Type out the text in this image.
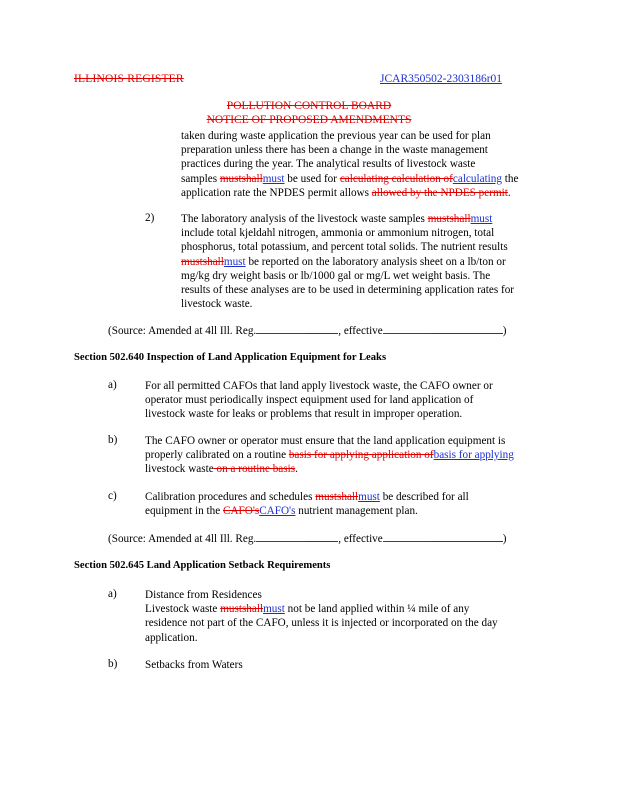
ILLINOIS REGISTER	JCAR350502-2303186r01
POLLUTION CONTROL BOARD
NOTICE OF PROPOSED AMENDMENTS
taken during waste application the previous year can be used for plan
preparation unless there has been a change in the waste management
practices during the year. The analytical results of livestock waste
samples mustshallmust be used for calculating calculation ofcalculating the
application rate the NPDES permit allows allowed by the NPDES permit.
2) The laboratory analysis of the livestock waste samples mustshallmust
include total kjeldahl nitrogen, ammonia or ammonium nitrogen, total
phosphorus, total potassium, and percent total solids. The nutrient results
mustshallmust be reported on the laboratory analysis sheet on a lb/ton or
mg/kg dry weight basis or lb/1000 gal or mg/L wet weight basis. The
results of these analyses are to be used in determining application rates for
livestock waste.
(Source: Amended at 4ll Ill. Reg.	, effective	)
Section 502.640 Inspection of Land Application Equipment for Leaks
a)	For all permitted CAFOs that land apply livestock waste, the CAFO owner or
operator must periodically inspect equipment used for land application of
livestock waste for leaks or problems that result in improper operation.
b) The CAFO owner or operator must ensure that the land application equipment is
properly calibrated on a routine basis for applying application ofbasis for applying
livestock waste on a routine basis.
c)	Calibration procedures and schedules mustshallmust be described for all
equipment in the CAFO'sCAFO's nutrient management plan.
(Source: Amended at 4ll Ill. Reg.	, effective	)
Section 502.645 Land Application Setback Requirements
a)	Distance from Residences
Livestock waste mustshallmust not be land applied within ¼ mile of any
residence not part of the CAFO, unless it is injected or incorporated on the day
application.
b) Setbacks from Waters
